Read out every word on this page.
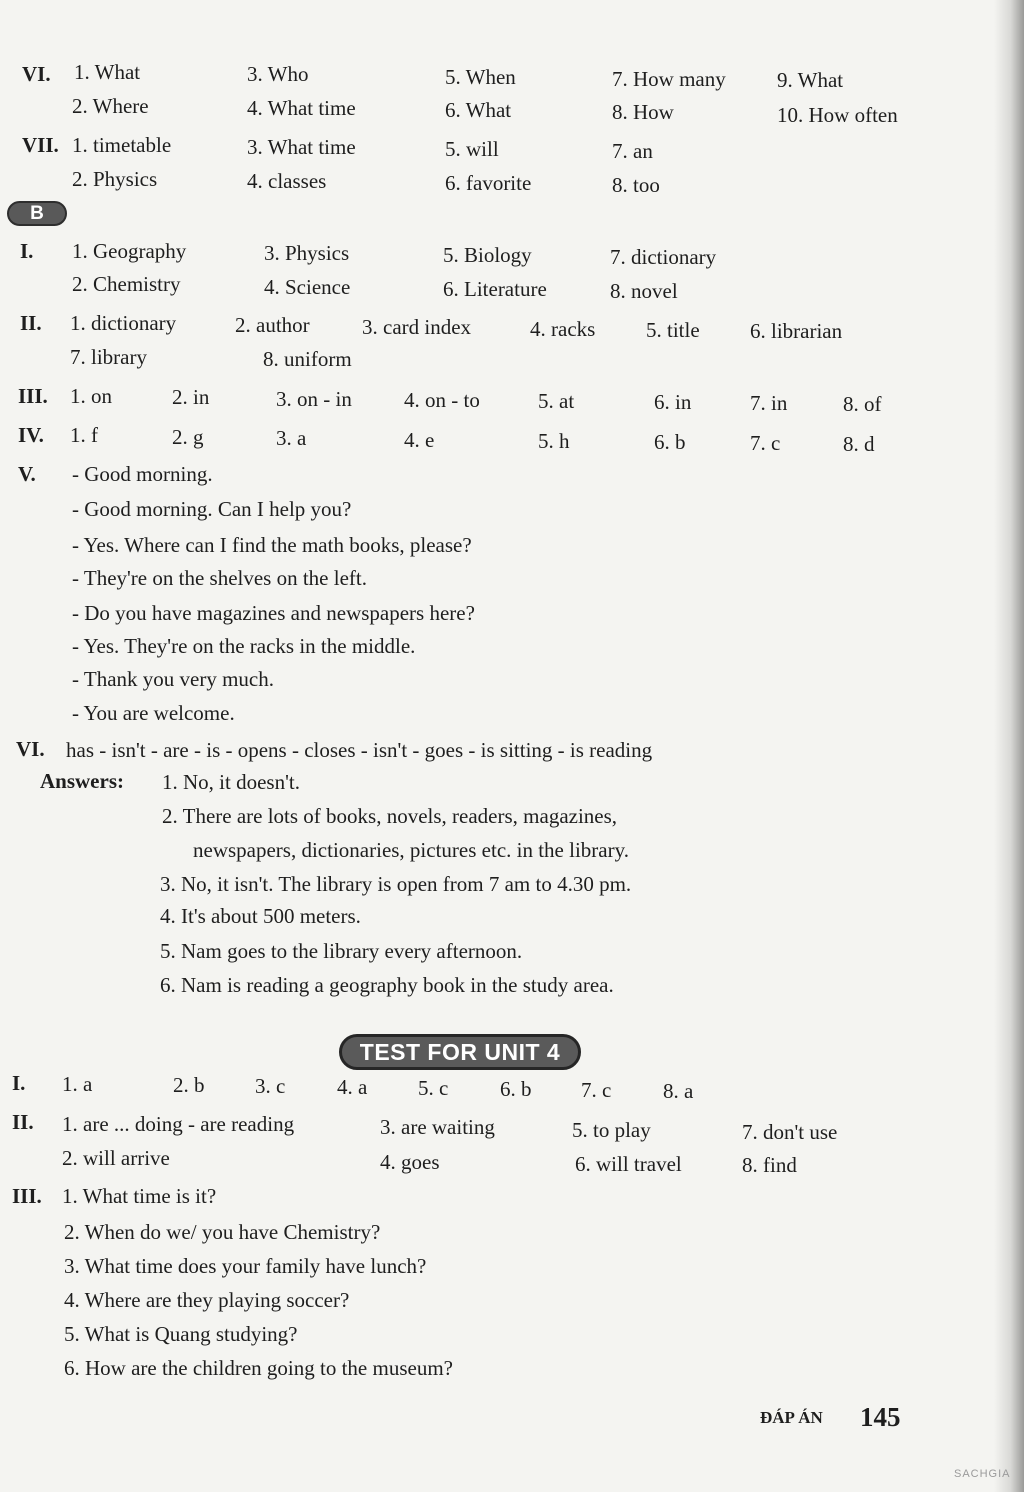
VI. 1. What	3. Who	5. When	7. How many 9. What
2. Where	4. What time	6. What	8. How	10. How often
VII. 1. timetable	3. What time	5. will	7. an
2. Physics	4. classes	6. favorite	8. too
B
I. 1. Geography	3. Physics	5. Biology	7. dictionary
2. Chemistry	4. Science	6. Literature	8. novel
II. 1. dictionary	2. author 3. card index	4. racks 5. title 6. librarian
7. library	8. uniform
III. 1. on	2. in	3. on - in 4. on - to	5. at	6. in	7. in	8. of
IV. 1. f	2. g	3. a	4. e	5. h	6. b	7. c	8. d
V. - Good morning.
- Good morning. Can I help you?
- Yes. Where can I find the math books, please?
- They're on the shelves on the left.
- Do you have magazines and newspapers here?
- Yes. They're on the racks in the middle.
- Thank you very much.
- You are welcome.
VI. has - isn't - are - is - opens - closes - isn't - goes - is sitting - is reading
Answers: 1. No, it doesn't.
2. There are lots of books, novels, readers, magazines,
newspapers, dictionaries, pictures etc. in the library.
3. No, it isn't. The library is open from 7 am to 4.30 pm.
4. It's about 500 meters.
5. Nam goes to the library every afternoon.
6. Nam is reading a geography book in the study area.
TEST FOR UNIT 4
I. 1. a	2. b 3. c 4. a 5. c 6. b 7. c 8. a
II. 1. are ... doing - are reading	3. are waiting	5. to play	7. don't use
2. will arrive	4. goes	6. will travel	8. find
III. 1. What time is it?
2. When do we/ you have Chemistry?
3. What time does your family have lunch?
4. Where are they playing soccer?
5. What is Quang studying?
6. How are the children going to the museum?
ĐÁP ÁN 145
SACHGIA
